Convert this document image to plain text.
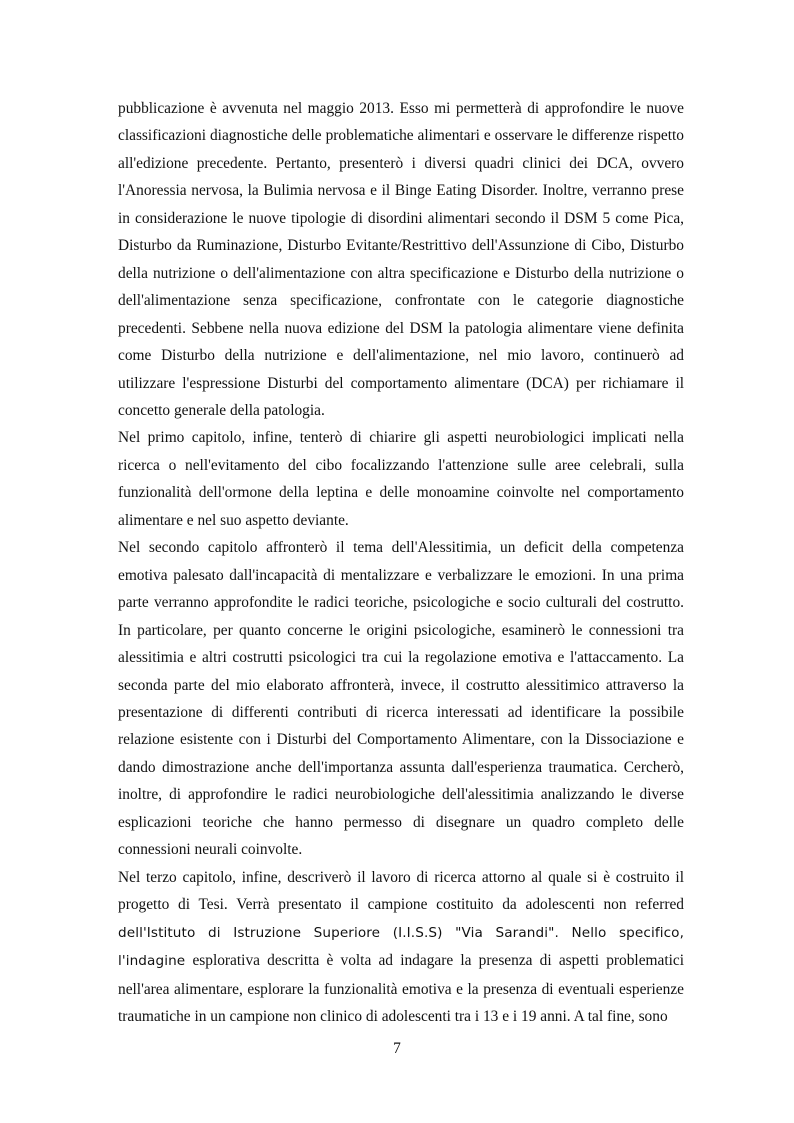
pubblicazione è avvenuta nel maggio 2013. Esso mi permetterà di approfondire le nuove classificazioni diagnostiche delle problematiche alimentari e osservare le differenze rispetto all'edizione precedente. Pertanto, presenterò i diversi quadri clinici dei DCA, ovvero l'Anoressia nervosa, la Bulimia nervosa e il Binge Eating Disorder. Inoltre, verranno prese in considerazione le nuove tipologie di disordini alimentari secondo il DSM 5 come Pica, Disturbo da Ruminazione, Disturbo Evitante/Restrittivo dell'Assunzione di Cibo, Disturbo della nutrizione o dell'alimentazione con altra specificazione e Disturbo della nutrizione o dell'alimentazione senza specificazione, confrontate con le categorie diagnostiche precedenti. Sebbene nella nuova edizione del DSM la patologia alimentare viene definita come Disturbo della nutrizione e dell'alimentazione, nel mio lavoro, continuerò ad utilizzare l'espressione Disturbi del comportamento alimentare (DCA) per richiamare il concetto generale della patologia.

Nel primo capitolo, infine, tenterò di chiarire gli aspetti neurobiologici implicati nella ricerca o nell'evitamento del cibo focalizzando l'attenzione sulle aree celebrali, sulla funzionalità dell'ormone della leptina e delle monoamine coinvolte nel comportamento alimentare e nel suo aspetto deviante.

Nel secondo capitolo affronterò il tema dell'Alessitimia, un deficit della competenza emotiva palesato dall'incapacità di mentalizzare e verbalizzare le emozioni. In una prima parte verranno approfondite le radici teoriche, psicologiche e socio culturali del costrutto. In particolare, per quanto concerne le origini psicologiche, esaminerò le connessioni tra alessitimia e altri costrutti psicologici tra cui la regolazione emotiva e l'attaccamento. La seconda parte del mio elaborato affronterà, invece, il costrutto alessitimico attraverso la presentazione di differenti contributi di ricerca interessati ad identificare la possibile relazione esistente con i Disturbi del Comportamento Alimentare, con la Dissociazione e dando dimostrazione anche dell'importanza assunta dall'esperienza traumatica. Cercherò, inoltre, di approfondire le radici neurobiologiche dell'alessitimia analizzando le diverse esplicazioni teoriche che hanno permesso di disegnare un quadro completo delle connessioni neurali coinvolte.

Nel terzo capitolo, infine, descriverò il lavoro di ricerca attorno al quale si è costruito il progetto di Tesi. Verrà presentato il campione costituito da adolescenti non referred dell'Istituto di Istruzione Superiore (I.I.S.S) "Via Sarandi". Nello specifico, l'indagine esplorativa descritta è volta ad indagare la presenza di aspetti problematici nell'area alimentare, esplorare la funzionalità emotiva e la presenza di eventuali esperienze traumatiche in un campione non clinico di adolescenti tra i 13 e i 19 anni. A tal fine, sono

7
